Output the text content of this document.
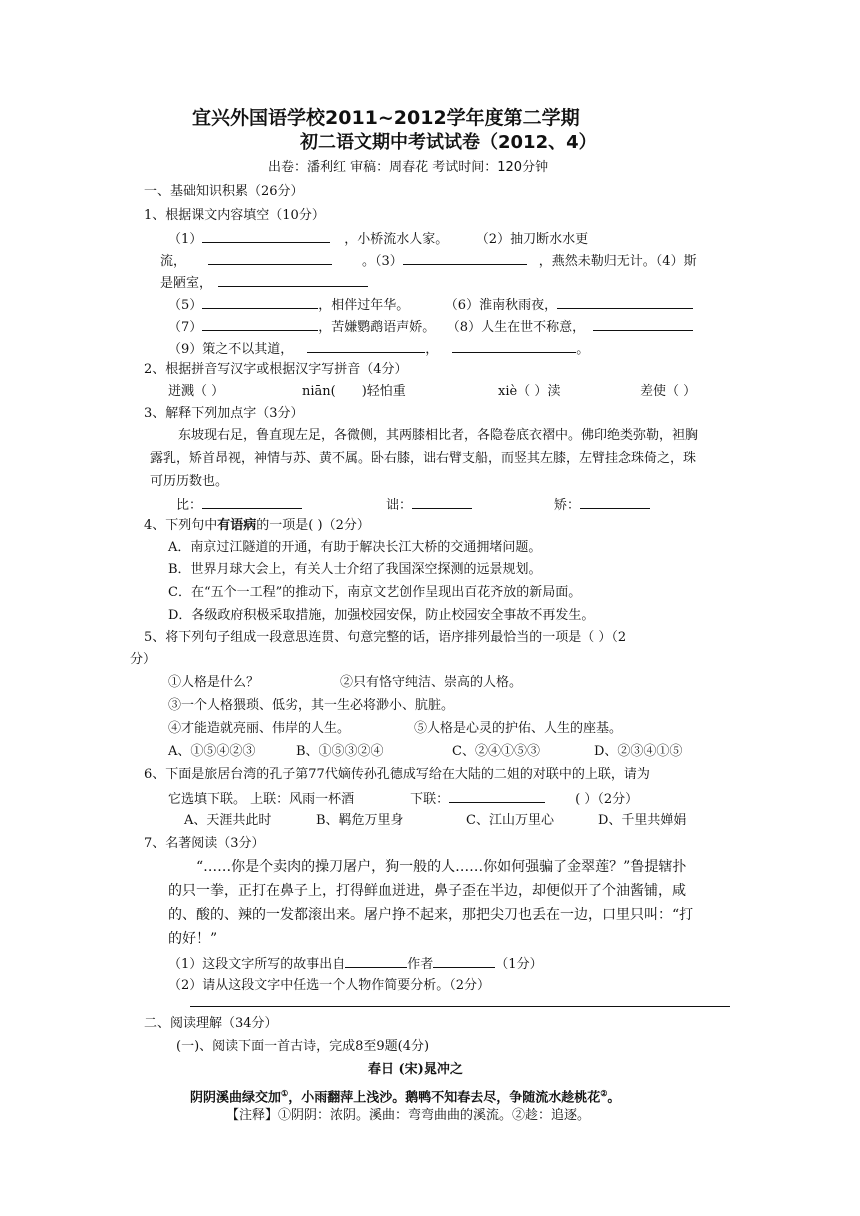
宜兴外国语学校2011~2012学年度第二学期
初二语文期中考试试卷（2012、4）
出卷：潘利红 审稿：周春花 考试时间：120分钟
一、基础知识积累（26分）
1、根据课文内容填空（10分）
（1）	，小桥流水人家。	（2）抽刀断水水更
流，	。（3）	，燕然未勒归无计。（4）斯
是陋室，
（5）	，相伴过年华。	（6）淮南秋雨夜，
（7）	，苦嫌鹦鹉语声娇。 （8）人生在世不称意，
（9）策之不以其道，	，	。
2、根据拼音写汉字或根据汉字写拼音（4分）
迸溅（ ）	niān( )轻怕重	xiè（ ）渎	差使（ ）
3、解释下列加点字（3分）
东坡现右足，鲁直现左足，各微侧，其两膝相比者，各隐卷底衣褶中。佛印绝类弥勒，袒胸
露乳，矫首昂视，神情与苏、黄不属。卧右膝，诎右臂支船，而竖其左膝，左臂挂念珠倚之，珠
可历历数也。
比：	诎：	矫：
4、下列句中有语病的一项是( )（2分）
A．南京过江隧道的开通，有助于解决长江大桥的交通拥堵问题。
B．世界月球大会上，有关人士介绍了我国深空探测的远景规划。
C．在“五个一工程”的推动下，南京文艺创作呈现出百花齐放的新局面。
D．各级政府积极采取措施，加强校园安保，防止校园安全事故不再发生。
5、将下列句子组成一段意思连贯、句意完整的话，语序排列最恰当的一项是（ ）（2
分）
①人格是什么？	②只有恪守纯洁、崇高的人格。
③一个人格猥琐、低劣，其一生必将渺小、肮脏。
④才能造就亮丽、伟岸的人生。	⑤人格是心灵的护佑、人生的座基。
A、①⑤④②③	B、①⑤③②④	C、②④①⑤③	D、②③④①⑤
6、下面是旅居台湾的孔子第77代嫡传孙孔德成写给在大陆的二姐的对联中的上联，请为
它选填下联。 上联：风雨一杯酒	下联：	( ）（2分）
A、天涯共此时	B、羁危万里身	C、江山万里心	D、千里共婵娟
7、名著阅读（3分）
“……你是个卖肉的操刀屠户，狗一般的人……你如何强骗了金翠莲？”鲁提辖扑
的只一拳，正打在鼻子上，打得鲜血迸进，鼻子歪在半边，却便似开了个油酱铺，咸
的、酸的、辣的一发都滚出来。屠户挣不起来，那把尖刀也丢在一边，口里只叫：“打
的好！”
（1）这段文字所写的故事出自	作者	（1分）
（2）请从这段文字中任选一个人物作简要分析。（2分）
二、阅读理解（34分）
(一)、阅读下面一首古诗，完成8至9题(4分)
春日 (宋)晁冲之
阴阴溪曲绿交加①，小雨翻萍上浅沙。鹅鸭不知春去尽，争随流水趁桃花②。
【注释】①阴阴：浓阴。溪曲：弯弯曲曲的溪流。②趁：追逐。
